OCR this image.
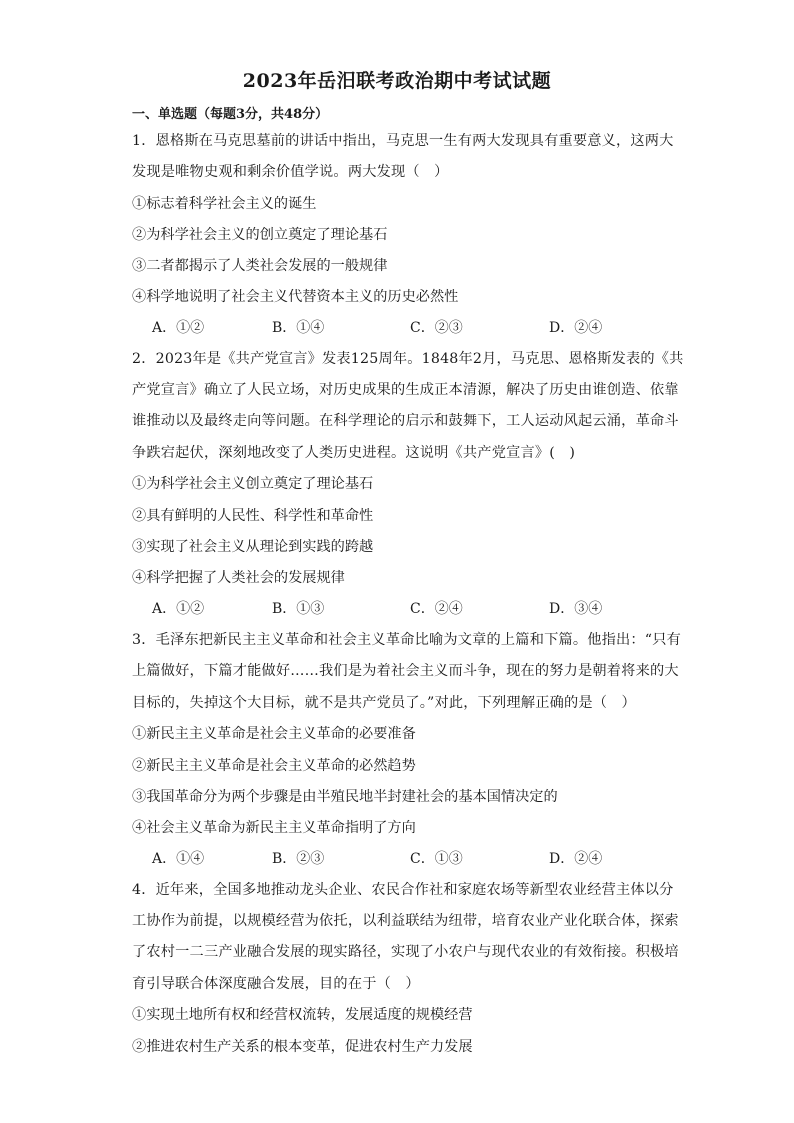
2023年岳汨联考政治期中考试试题
一、单选题（每题3分，共48分）
1．恩格斯在马克思墓前的讲话中指出，马克思一生有两大发现具有重要意义，这两大
发现是唯物史观和剩余价值学说。两大发现（　）
①标志着科学社会主义的诞生
②为科学社会主义的创立奠定了理论基石
③二者都揭示了人类社会发展的一般规律
④科学地说明了社会主义代替资本主义的历史必然性
A．①②	B．①④	C．②③	D．②④
2．2023年是《共产党宣言》发表125周年。1848年2月，马克思、恩格斯发表的《共
产党宣言》确立了人民立场，对历史成果的生成正本清源，解决了历史由谁创造、依靠
谁推动以及最终走向等问题。在科学理论的启示和鼓舞下，工人运动风起云涌，革命斗
争跌宕起伏，深刻地改变了人类历史进程。这说明《共产党宣言》(　)
①为科学社会主义创立奠定了理论基石
②具有鲜明的人民性、科学性和革命性
③实现了社会主义从理论到实践的跨越
④科学把握了人类社会的发展规律
A．①②	B．①③	C．②④	D．③④
3．毛泽东把新民主主义革命和社会主义革命比喻为文章的上篇和下篇。他指出：“只有
上篇做好，下篇才能做好……我们是为着社会主义而斗争，现在的努力是朝着将来的大
目标的，失掉这个大目标，就不是共产党员了。”对此，下列理解正确的是（　）
①新民主主义革命是社会主义革命的必要准备
②新民主主义革命是社会主义革命的必然趋势
③我国革命分为两个步骤是由半殖民地半封建社会的基本国情决定的
④社会主义革命为新民主主义革命指明了方向
A．①④	B．②③	C．①③	D．②④
4．近年来，全国多地推动龙头企业、农民合作社和家庭农场等新型农业经营主体以分
工协作为前提，以规模经营为依托，以利益联结为纽带，培育农业产业化联合体，探索
了农村一二三产业融合发展的现实路径，实现了小农户与现代农业的有效衔接。积极培
育引导联合体深度融合发展，目的在于（　）
①实现土地所有权和经营权流转，发展适度的规模经营
②推进农村生产关系的根本变革，促进农村生产力发展
